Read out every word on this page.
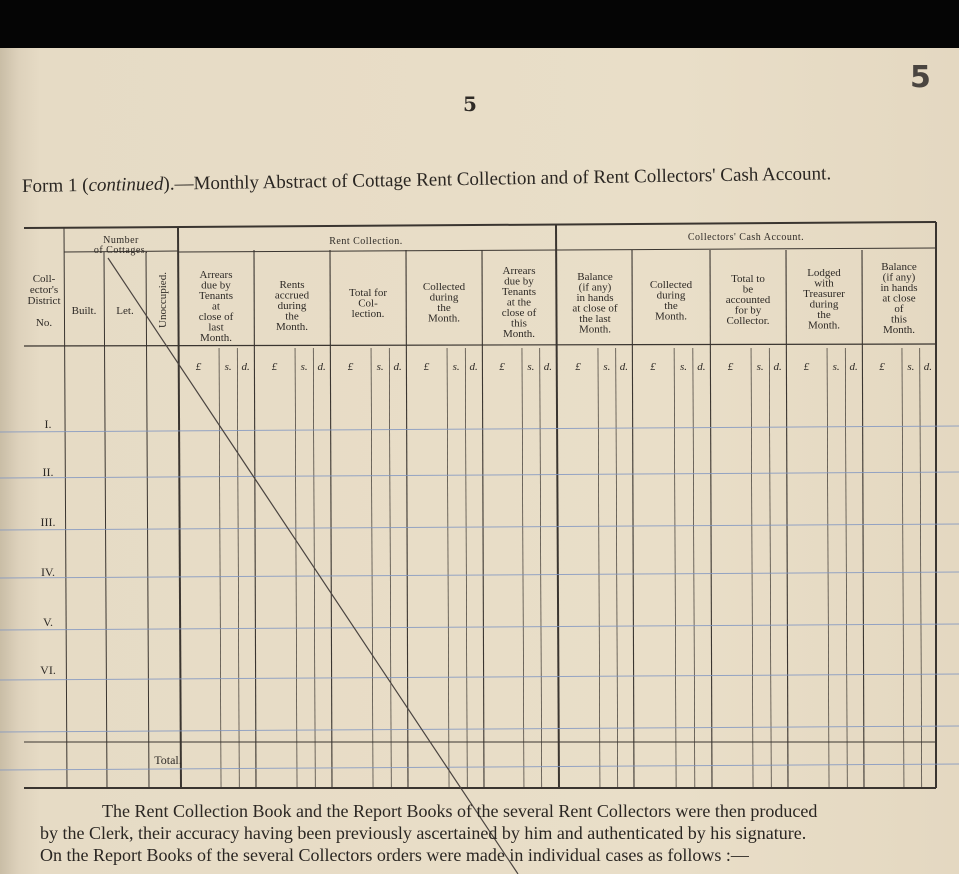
5
5
Form 1 (continued).—Monthly Abstract of Cottage Rent Collection and of Rent Collectors' Cash Account.
Number
of Cottages.
Rent Collection.	Collectors' Cash Account.
Coll-
ector's
District
No.
Built. Let. Unoccupied.	Arrears
due by
Tenants
at
close of
last
Month.
Rents
accrued
during
the
Month.
Total for
Col-
lection.
Collected
during
the
Month.
Arrears
due by
Tenants
at the
close of
this
Month.
Balance
(if any)
in hands
at close of
the last
Month.
Collected
during
the
Month.
Total to
be
accounted
for by
Collector.
Lodged
with
Treasurer
during
the
Month.
Balance
(if any)
in hands
at close
of
this
Month.
£ s. d. £ s. d. £ s. d. £ s. d. £ s. d. £ s. d. £ s. d. £ s. d. £ s. d. £ s. d.
I.
II.
III.
IV.
V.
VI.
Total.

The Rent Collection Book and the Report Books of the several Rent Collectors were then produced

by the Clerk, their accuracy having been previously ascertained by him and authenticated by his signature.

On the Report Books of the several Collectors orders were made in individual cases as follows :—
